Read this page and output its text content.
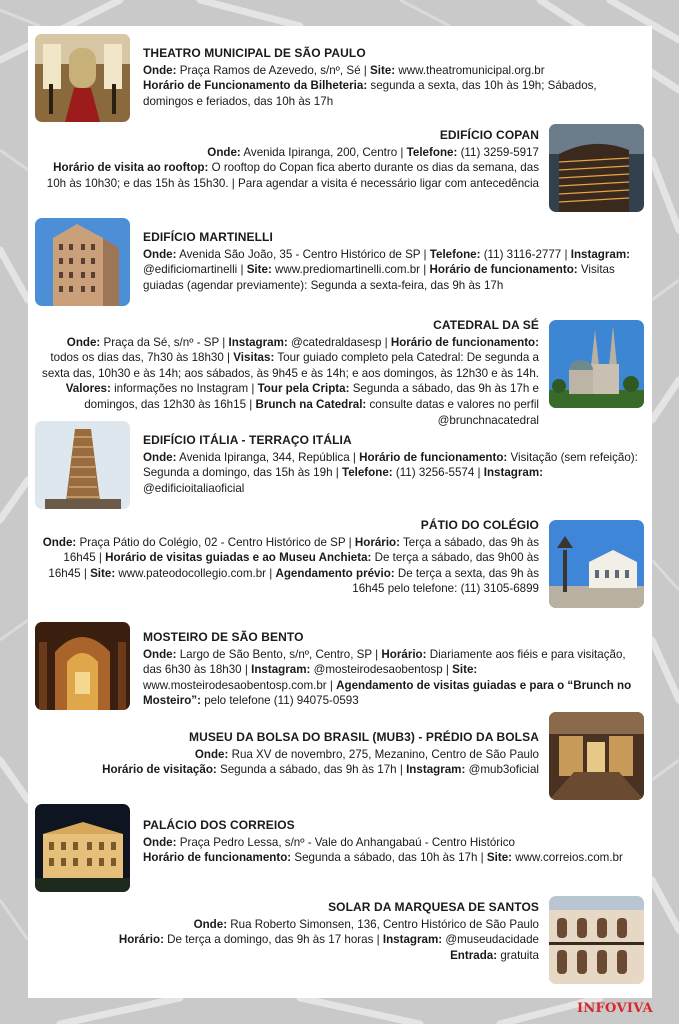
THEATRO MUNICIPAL DE SÃO PAULO

Onde: Praça Ramos de Azevedo, s/nº, Sé | Site: www.theatromunicipal.org.br

Horário de Funcionamento da Bilheteria: segunda a sexta, das 10h às 19h; Sábados, domingos e feriados, das 10h às 17h

EDIFÍCIO COPAN

Onde: Avenida Ipiranga, 200, Centro | Telefone: (11) 3259-5917

Horário de visita ao rooftop: O rooftop do Copan fica aberto durante os dias da semana, das 10h às 10h30; e das 15h às 15h30. | Para agendar a visita é necessário ligar com antecedência

EDIFÍCIO MARTINELLI

Onde: Avenida São João, 35 - Centro Histórico de SP | Telefone: (11) 3116-2777 | Instagram: @edificiomartinelli | Site: www.prediomartinelli.com.br | Horário de funcionamento: Visitas guiadas (agendar previamente): Segunda a sexta-feira, das 9h às 17h

CATEDRAL DA SÉ

Onde: Praça da Sé, s/nº - SP | Instagram: @catedraldasesp | Horário de funcionamento: todos os dias das, 7h30 às 18h30 | Visitas: Tour guiado completo pela Catedral: De segunda a sexta das, 10h30 e às 14h; aos sábados, às 9h45 e às 14h; e aos domingos, às 12h30 e às 14h. Valores: informações no Instagram | Tour pela Cripta: Segunda a sábado, das 9h às 17h e domingos, das 12h30 às 16h15 | Brunch na Catedral: consulte datas e valores no perfil @brunchnacatedral

EDIFÍCIO ITÁLIA - TERRAÇO ITÁLIA

Onde: Avenida Ipiranga, 344, República | Horário de funcionamento: Visitação (sem refeição): Segunda a domingo, das 15h às 19h | Telefone: (11) 3256-5574 | Instagram: @edificioitaliaoficial

PÁTIO DO COLÉGIO

Onde: Praça Pátio do Colégio, 02 - Centro Histórico de SP | Horário: Terça a sábado, das 9h às 16h45 | Horário de visitas guiadas e ao Museu Anchieta: De terça a sábado, das 9h00 às 16h45 | Site: www.pateodocollegio.com.br | Agendamento prévio: De terça a sexta, das 9h às 16h45 pelo telefone: (11) 3105-6899

MOSTEIRO DE SÃO BENTO

Onde: Largo de São Bento, s/nº, Centro, SP | Horário: Diariamente aos fiéis e para visitação, das 6h30 às 18h30 | Instagram: @mosteirodesaobentosp | Site: www.mosteirodesaobentosp.com.br | Agendamento de visitas guiadas e para o “Brunch no Mosteiro”: pelo telefone (11) 94075-0593

MUSEU DA BOLSA DO BRASIL (MUB3) - PRÉDIO DA BOLSA

Onde: Rua XV de novembro, 275, Mezanino, Centro de São Paulo

Horário de visitação: Segunda a sábado, das 9h às 17h | Instagram: @mub3oficial

PALÁCIO DOS CORREIOS

Onde: Praça Pedro Lessa, s/nº - Vale do Anhangabaú - Centro Histórico

Horário de funcionamento: Segunda a sábado, das 10h às 17h | Site: www.correios.com.br

SOLAR DA MARQUESA DE SANTOS

Onde: Rua Roberto Simonsen, 136, Centro Histórico de São Paulo

Horário: De terça a domingo, das 9h às 17 horas | Instagram: @museudacidade

Entrada: gratuita

INFOVIVA
